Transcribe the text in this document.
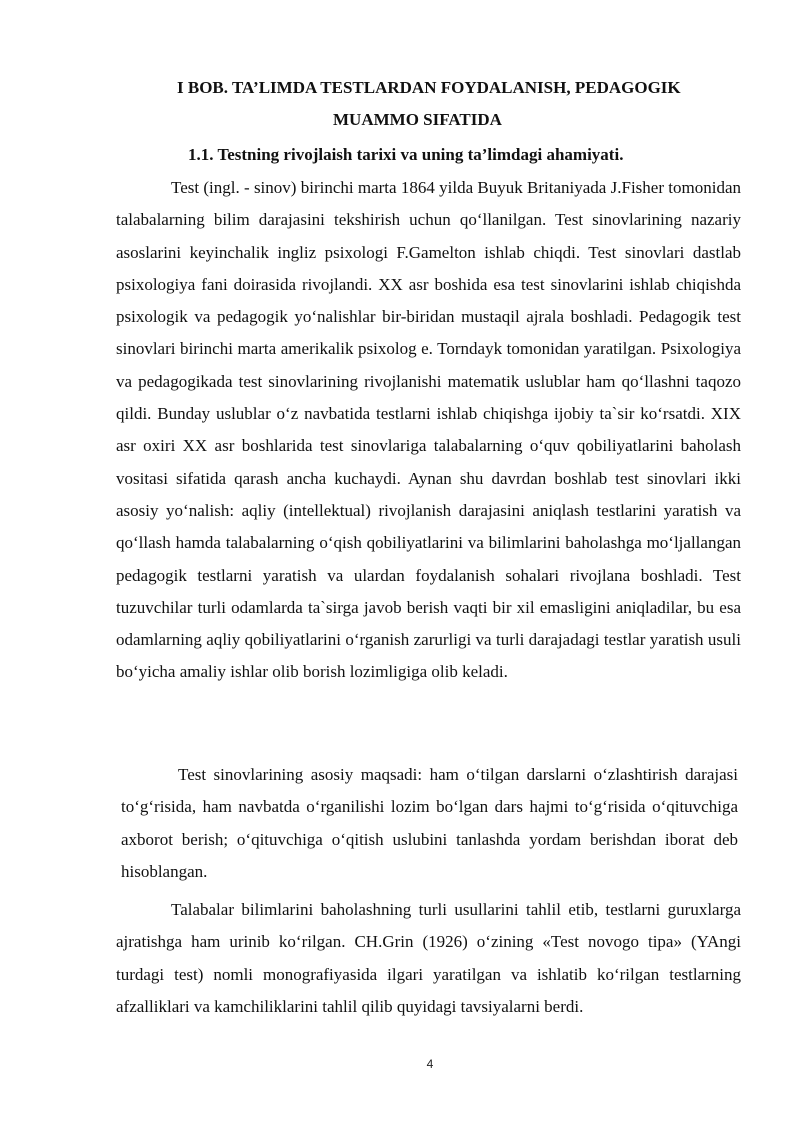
I BOB. TA’LIMDA TESTLARDAN FOYDALANISH, PEDAGOGIK
MUAMMO SIFATIDA
1.1. Testning rivojlaish tarixi va uning ta’limdagi ahamiyati.

Test (ingl. - sinov) birinchi marta 1864 yilda Buyuk Britaniyada J.Fisher tomonidan talabalarning bilim darajasini tekshirish uchun qo‘llanilgan. Test sinovlarining nazariy asoslarini keyinchalik ingliz psixologi F.Gamelton ishlab chiqdi. Test sinovlari dastlab psixologiya fani doirasida rivojlandi. XX asr boshida esa test sinovlarini ishlab chiqishda psixologik va pedagogik yo‘nalishlar bir-biridan mustaqil ajrala boshladi. Pedagogik test sinovlari birinchi marta amerikalik psixolog e. Torndayk tomonidan yaratilgan. Psixologiya va pedagogikada test sinovlarining rivojlanishi matematik uslublar ham qo‘llashni taqozo qildi. Bunday uslublar o‘z navbatida testlarni ishlab chiqishga ijobiy ta`sir ko‘rsatdi. XIX asr oxiri XX asr boshlarida test sinovlariga talabalarning o‘quv qobiliyatlarini baholash vositasi sifatida qarash ancha kuchaydi. Aynan shu davrdan boshlab test sinovlari ikki asosiy yo‘nalish: aqliy (intellektual) rivojlanish darajasini aniqlash testlarini yaratish va qo‘llash hamda talabalarning o‘qish qobiliyatlarini va bilimlarini baholashga mo‘ljallangan pedagogik testlarni yaratish va ulardan foydalanish sohalari rivojlana boshladi. Test tuzuvchilar turli odamlarda ta`sirga javob berish vaqti bir xil emasligini aniqladilar, bu esa odamlarning aqliy qobiliyatlarini o‘rganish zarurligi va turli darajadagi testlar yaratish usuli bo‘yicha amaliy ishlar olib borish lozimligiga olib keladi.

Test sinovlarining asosiy maqsadi: ham o‘tilgan darslarni o‘zlashtirish darajasi to‘g‘risida, ham navbatda o‘rganilishi lozim bo‘lgan dars hajmi to‘g‘risida o‘qituvchiga axborot berish; o‘qituvchiga o‘qitish uslubini tanlashda yordam berishdan iborat deb hisoblangan.

Talabalar bilimlarini baholashning turli usullarini tahlil etib, testlarni guruxlarga ajratishga ham urinib ko‘rilgan. CH.Grin (1926) o‘zining «Test novogo tipa» (YAngi turdagi test) nomli monografiyasida ilgari yaratilgan va ishlatib ko‘rilgan testlarning afzalliklari va kamchiliklarini tahlil qilib quyidagi tavsiyalarni berdi.

4
